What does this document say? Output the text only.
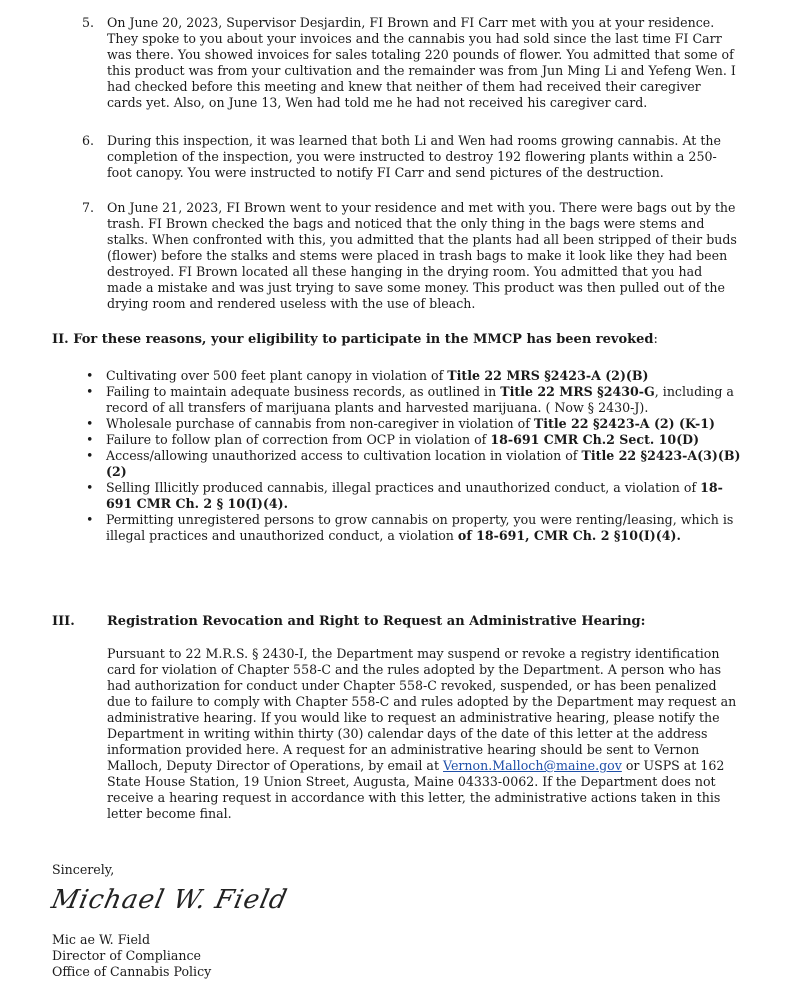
5. On June 20, 2023, Supervisor Desjardin, FI Brown and FI Carr met with you at your residence. They spoke to you about your invoices and the cannabis you had sold since the last time FI Carr was there. You showed invoices for sales totaling 220 pounds of flower. You admitted that some of this product was from your cultivation and the remainder was from Jun Ming Li and Yefeng Wen. I had checked before this meeting and knew that neither of them had received their caregiver cards yet. Also, on June 13, Wen had told me he had not received his caregiver card.
6. During this inspection, it was learned that both Li and Wen had rooms growing cannabis. At the completion of the inspection, you were instructed to destroy 192 flowering plants within a 250-foot canopy. You were instructed to notify FI Carr and send pictures of the destruction.
7. On June 21, 2023, FI Brown went to your residence and met with you. There were bags out by the trash. FI Brown checked the bags and noticed that the only thing in the bags were stems and stalks. When confronted with this, you admitted that the plants had all been stripped of their buds (flower) before the stalks and stems were placed in trash bags to make it look like they had been destroyed. FI Brown located all these hanging in the drying room. You admitted that you had made a mistake and was just trying to save some money. This product was then pulled out of the drying room and rendered useless with the use of bleach.
II. For these reasons, your eligibility to participate in the MMCP has been revoked:
• Cultivating over 500 feet plant canopy in violation of Title 22 MRS §2423-A (2)(B)
• Failing to maintain adequate business records, as outlined in Title 22 MRS §2430-G, including a record of all transfers of marijuana plants and harvested marijuana. ( Now § 2430-J).
• Wholesale purchase of cannabis from non-caregiver in violation of Title 22 §2423-A (2) (K-1)
• Failure to follow plan of correction from OCP in violation of 18-691 CMR Ch.2 Sect. 10(D)
• Access/allowing unauthorized access to cultivation location in violation of Title 22 §2423-A(3)(B)(2)
• Selling Illicitly produced cannabis, illegal practices and unauthorized conduct, a violation of 18-691 CMR Ch. 2 § 10(I)(4).
• Permitting unregistered persons to grow cannabis on property, you were renting/leasing, which is illegal practices and unauthorized conduct, a violation of 18-691, CMR Ch. 2 §10(I)(4).
III. Registration Revocation and Right to Request an Administrative Hearing:
Pursuant to 22 M.R.S. § 2430-I, the Department may suspend or revoke a registry identification card for violation of Chapter 558-C and the rules adopted by the Department. A person who has had authorization for conduct under Chapter 558-C revoked, suspended, or has been penalized due to failure to comply with Chapter 558-C and rules adopted by the Department may request an administrative hearing. If you would like to request an administrative hearing, please notify the Department in writing within thirty (30) calendar days of the date of this letter at the address information provided here. A request for an administrative hearing should be sent to Vernon Malloch, Deputy Director of Operations, by email at Vernon.Malloch@maine.gov or USPS at 162 State House Station, 19 Union Street, Augusta, Maine 04333-0062. If the Department does not receive a hearing request in accordance with this letter, the administrative actions taken in this letter become final.
Sincerely,
Michael W. Field
Mic ae W. Field
Director of Compliance
Office of Cannabis Policy
